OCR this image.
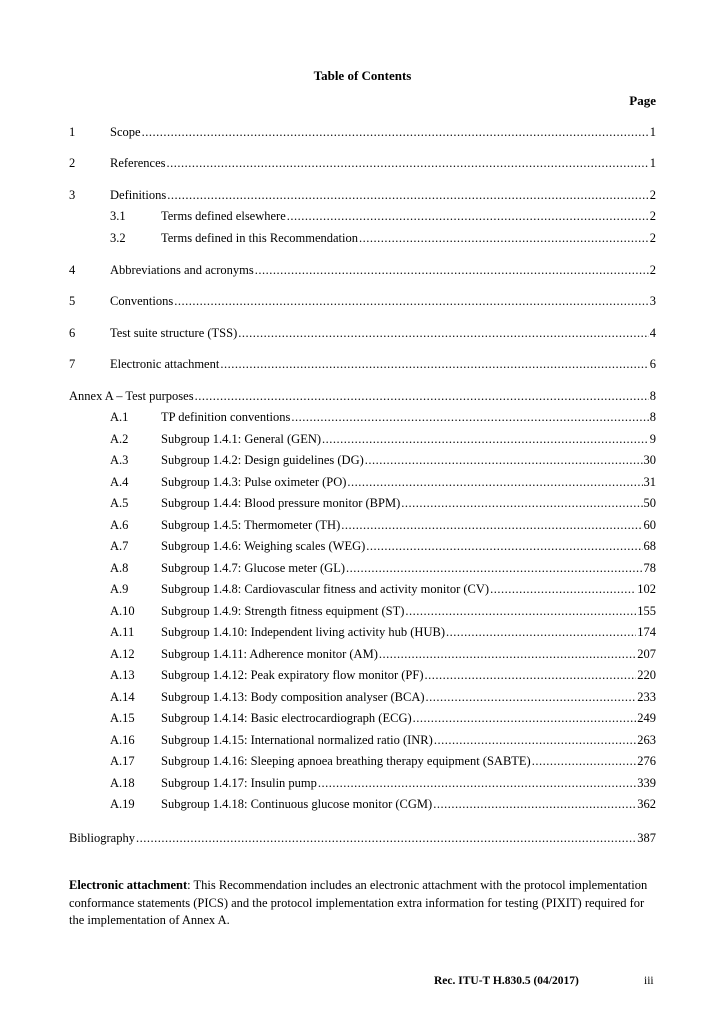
Table of Contents
Page
1	Scope .....	1
2	References .....	1
3	Definitions .....	2
3.1	Terms defined elsewhere .....	2
3.2	Terms defined in this Recommendation .....	2
4	Abbreviations and acronyms .....	2
5	Conventions .....	3
6	Test suite structure (TSS) .....	4
7	Electronic attachment .....	6
Annex A – Test purposes .....	8
A.1	TP definition conventions .....	8
A.2	Subgroup 1.4.1: General (GEN) .....	9
A.3	Subgroup 1.4.2: Design guidelines (DG) .....	30
A.4	Subgroup 1.4.3: Pulse oximeter (PO) .....	31
A.5	Subgroup 1.4.4: Blood pressure monitor (BPM) .....	50
A.6	Subgroup 1.4.5: Thermometer (TH) .....	60
A.7	Subgroup 1.4.6: Weighing scales (WEG) .....	68
A.8	Subgroup 1.4.7: Glucose meter (GL) .....	78
A.9	Subgroup 1.4.8: Cardiovascular fitness and activity monitor (CV) .....	102
A.10	Subgroup 1.4.9: Strength fitness equipment (ST) .....	155
A.11	Subgroup 1.4.10: Independent living activity hub (HUB) .....	174
A.12	Subgroup 1.4.11: Adherence monitor (AM) .....	207
A.13	Subgroup 1.4.12: Peak expiratory flow monitor (PF) .....	220
A.14	Subgroup 1.4.13: Body composition analyser (BCA) .....	233
A.15	Subgroup 1.4.14: Basic electrocardiograph (ECG) .....	249
A.16	Subgroup 1.4.15: International normalized ratio (INR) .....	263
A.17	Subgroup 1.4.16: Sleeping apnoea breathing therapy equipment (SABTE) .....	276
A.18	Subgroup 1.4.17: Insulin pump .....	339
A.19	Subgroup 1.4.18: Continuous glucose monitor (CGM) .....	362
Bibliography .....	387
Electronic attachment: This Recommendation includes an electronic attachment with the protocol implementation conformance statements (PICS) and the protocol implementation extra information for testing (PIXIT) required for the implementation of Annex A.
Rec. ITU-T H.830.5 (04/2017)	iii
